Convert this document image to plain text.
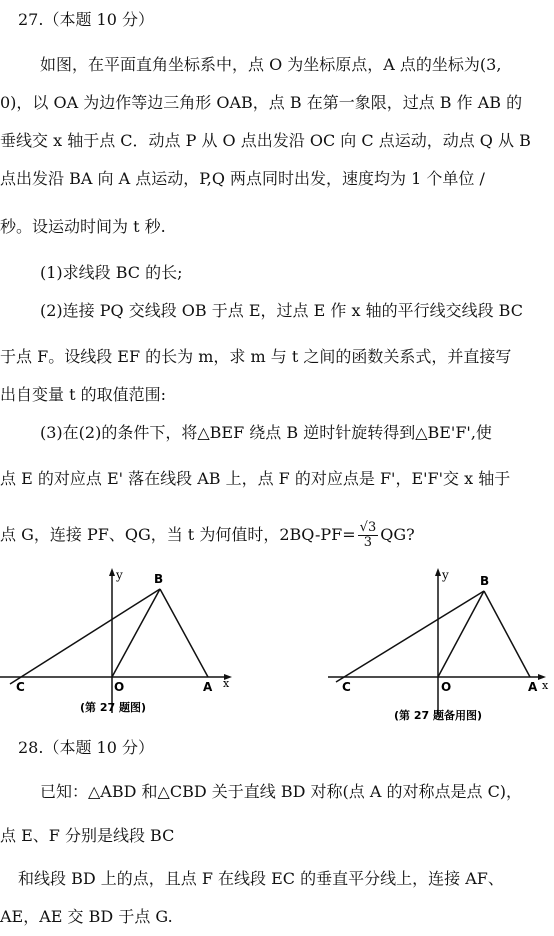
27.（本题 10 分）
如图，在平面直角坐标系中，点 O 为坐标原点，A 点的坐标为(3,
0)，以 OA 为边作等边三角形 OAB，点 B 在第一象限，过点 B 作 AB 的
垂线交 x 轴于点 C．动点 P 从 O 点出发沿 OC 向 C 点运动，动点 Q 从 B
点出发沿 BA 向 A 点运动，P,Q 两点同时出发，速度均为 1 个单位 /
秒。设运动时间为 t 秒.
(1)求线段 BC 的长;
(2)连接 PQ 交线段 OB 于点 E，过点 E 作 x 轴的平行线交线段 BC
于点 F。设线段 EF 的长为 m，求 m 与 t 之间的函数关系式，并直接写
出自变量 t 的取值范围:
(3)在(2)的条件下，将△BEF 绕点 B 逆时针旋转得到△BE'F',使
点 E 的对应点 E' 落在线段 AB 上，点 F 的对应点是 F'，E'F'交 x 轴于
点 G，连接 PF、QG，当 t 为何值时，$2BQ-PF= \frac{√3}{3}$ QG?
y	B
C	O	A x
(第 27 题图)
y	B
C	O	A x
(第 27 题备用图)
28.（本题 10 分）
已知：△ABD 和△CBD 关于直线 BD 对称(点 A 的对称点是点 C)，
点 E、F 分别是线段 BC
和线段 BD 上的点，且点 F 在线段 EC 的垂直平分线上，连接 AF、
AE，AE 交 BD 于点 G.
